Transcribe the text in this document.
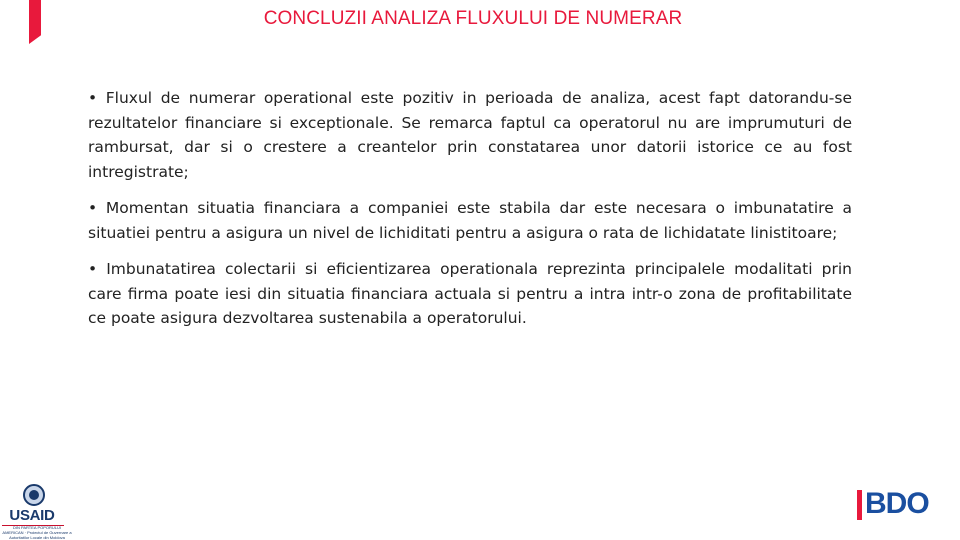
CONCLUZII ANALIZA FLUXULUI DE NUMERAR

• Fluxul de numerar operational este pozitiv in perioada de analiza, acest fapt datorandu-se rezultatelor financiare si exceptionale. Se remarca faptul ca operatorul nu are imprumuturi de rambursat, dar si o crestere a creantelor prin constatarea unor datorii istorice ce au fost intregistrate;

• Momentan situatia financiara a companiei este stabila dar este necesara o imbunatatire a situatiei pentru a asigura un nivel de lichiditati pentru a asigura o rata de lichidatate linistitoare;

• Imbunatatirea colectarii si eficientizarea operationala reprezinta principalele modalitati prin care firma poate iesi din situatia financiara actuala si pentru a intra intr-o zona de profitabilitate ce poate asigura dezvoltarea sustenabila a operatorului.

USAID
DIN PARTEA POPORULUI AMERICAN · Proiectul de Guvernare a Autoritatilor Locale din Moldova
BDO
